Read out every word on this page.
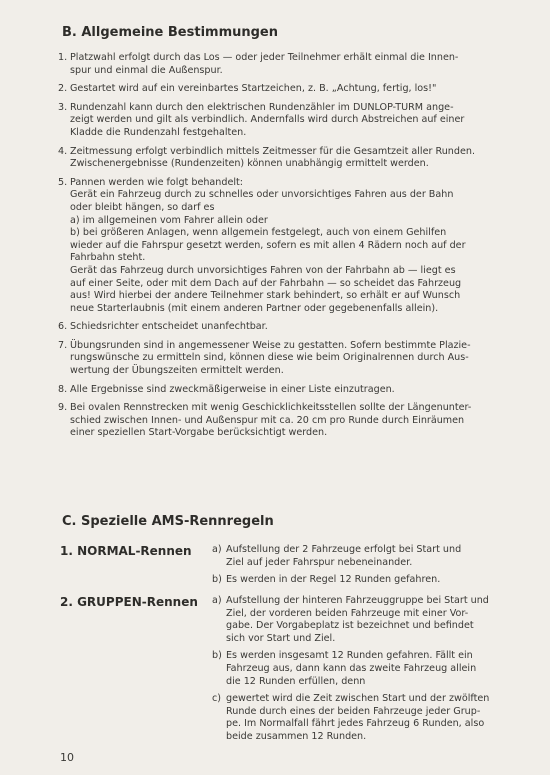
B. Allgemeine Bestimmungen
1. Platzwahl erfolgt durch das Los — oder jeder Teilnehmer erhält einmal die Innen-
spur und einmal die Außenspur.
2. Gestartet wird auf ein vereinbartes Startzeichen, z. B. „Achtung, fertig, los!"
3. Rundenzahl kann durch den elektrischen Rundenzähler im DUNLOP-TURM ange-
zeigt werden und gilt als verbindlich. Andernfalls wird durch Abstreichen auf einer
Kladde die Rundenzahl festgehalten.
4. Zeitmessung erfolgt verbindlich mittels Zeitmesser für die Gesamtzeit aller Runden.
Zwischenergebnisse (Rundenzeiten) können unabhängig ermittelt werden.
5. Pannen werden wie folgt behandelt:
Gerät ein Fahrzeug durch zu schnelles oder unvorsichtiges Fahren aus der Bahn
oder bleibt hängen, so darf es
a) im allgemeinen vom Fahrer allein oder
b) bei größeren Anlagen, wenn allgemein festgelegt, auch von einem Gehilfen
wieder auf die Fahrspur gesetzt werden, sofern es mit allen 4 Rädern noch auf der
Fahrbahn steht.
Gerät das Fahrzeug durch unvorsichtiges Fahren von der Fahrbahn ab — liegt es
auf einer Seite, oder mit dem Dach auf der Fahrbahn — so scheidet das Fahrzeug
aus! Wird hierbei der andere Teilnehmer stark behindert, so erhält er auf Wunsch
neue Starterlaubnis (mit einem anderen Partner oder gegebenenfalls allein).
6. Schiedsrichter entscheidet unanfechtbar.
7. Übungsrunden sind in angemessener Weise zu gestatten. Sofern bestimmte Plazie-
rungswünsche zu ermitteln sind, können diese wie beim Originalrennen durch Aus-
wertung der Übungszeiten ermittelt werden.
8. Alle Ergebnisse sind zweckmäßigerweise in einer Liste einzutragen.
9. Bei ovalen Rennstrecken mit wenig Geschicklichkeitsstellen sollte der Längenunter-
schied zwischen Innen- und Außenspur mit ca. 20 cm pro Runde durch Einräumen
einer speziellen Start-Vorgabe berücksichtigt werden.
C. Spezielle AMS-Rennregeln
1. NORMAL-Rennen a) Aufstellung der 2 Fahrzeuge erfolgt bei Start und
Ziel auf jeder Fahrspur nebeneinander.
b) Es werden in der Regel 12 Runden gefahren.
2. GRUPPEN-Rennen a) Aufstellung der hinteren Fahrzeuggruppe bei Start und
Ziel, der vorderen beiden Fahrzeuge mit einer Vor-
gabe. Der Vorgabeplatz ist bezeichnet und befindet
sich vor Start und Ziel.
b) Es werden insgesamt 12 Runden gefahren. Fällt ein
Fahrzeug aus, dann kann das zweite Fahrzeug allein
die 12 Runden erfüllen, denn
c) gewertet wird die Zeit zwischen Start und der zwölften
Runde durch eines der beiden Fahrzeuge jeder Grup-
pe. Im Normalfall fährt jedes Fahrzeug 6 Runden, also
beide zusammen 12 Runden.
10
